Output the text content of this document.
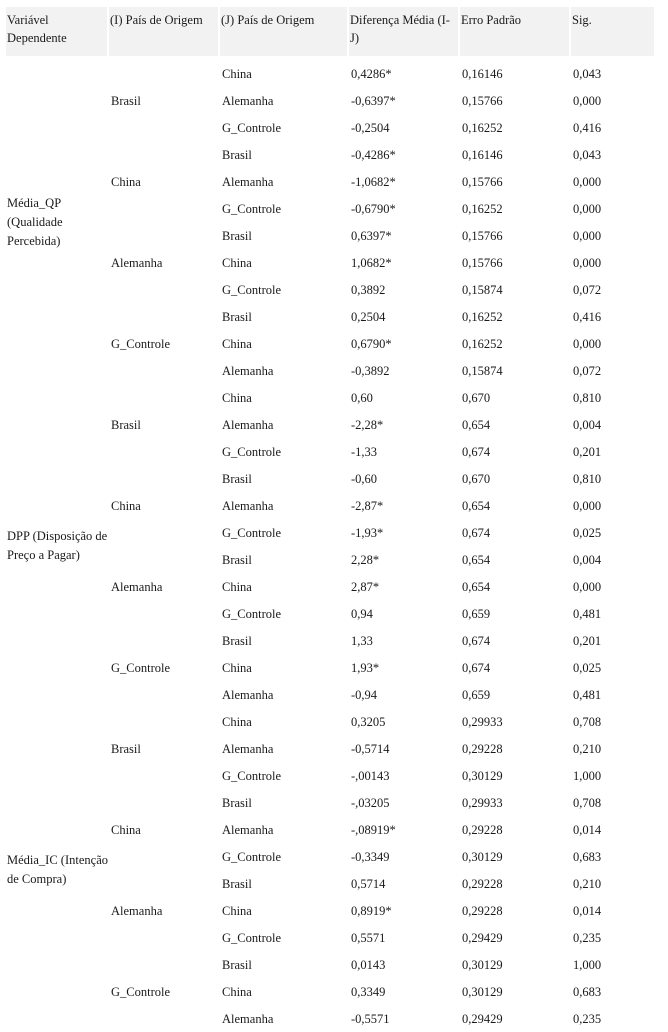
Variável Dependente	(I) País de Origem	(J) País de Origem	Diferença Média (I-J)	Erro Padrão	Sig.

Média_QP (Qualidade Percebida)	Brasil	China	0,4286*	0,16146	0,043
		Alemanha	-0,6397*	0,15766	0,000
		G_Controle	-0,2504	0,16252	0,416
	China	Brasil	-0,4286*	0,16146	0,043
		Alemanha	-1,0682*	0,15766	0,000
		G_Controle	-0,6790*	0,16252	0,000
	Alemanha	Brasil	0,6397*	0,15766	0,000
		China	1,0682*	0,15766	0,000
		G_Controle	0,3892	0,15874	0,072
	G_Controle	Brasil	0,2504	0,16252	0,416
		China	0,6790*	0,16252	0,000
		Alemanha	-0,3892	0,15874	0,072
DPP (Disposição de Preço a Pagar)	Brasil	China	0,60	0,670	0,810
		Alemanha	-2,28*	0,654	0,004
		G_Controle	-1,33	0,674	0,201
	China	Brasil	-0,60	0,670	0,810
		Alemanha	-2,87*	0,654	0,000
		G_Controle	-1,93*	0,674	0,025
	Alemanha	Brasil	2,28*	0,654	0,004
		China	2,87*	0,654	0,000
		G_Controle	0,94	0,659	0,481
	G_Controle	Brasil	1,33	0,674	0,201
		China	1,93*	0,674	0,025
		Alemanha	-0,94	0,659	0,481
Média_IC (Intenção de Compra)	Brasil	China	0,3205	0,29933	0,708
		Alemanha	-0,5714	0,29228	0,210
		G_Controle	-,00143	0,30129	1,000
	China	Brasil	-,03205	0,29933	0,708
		Alemanha	-,08919*	0,29228	0,014
		G_Controle	-0,3349	0,30129	0,683
	Alemanha	Brasil	0,5714	0,29228	0,210
		China	0,8919*	0,29228	0,014
		G_Controle	0,5571	0,29429	0,235
	G_Controle	Brasil	0,0143	0,30129	1,000
		China	0,3349	0,30129	0,683
		Alemanha	-0,5571	0,29429	0,235
